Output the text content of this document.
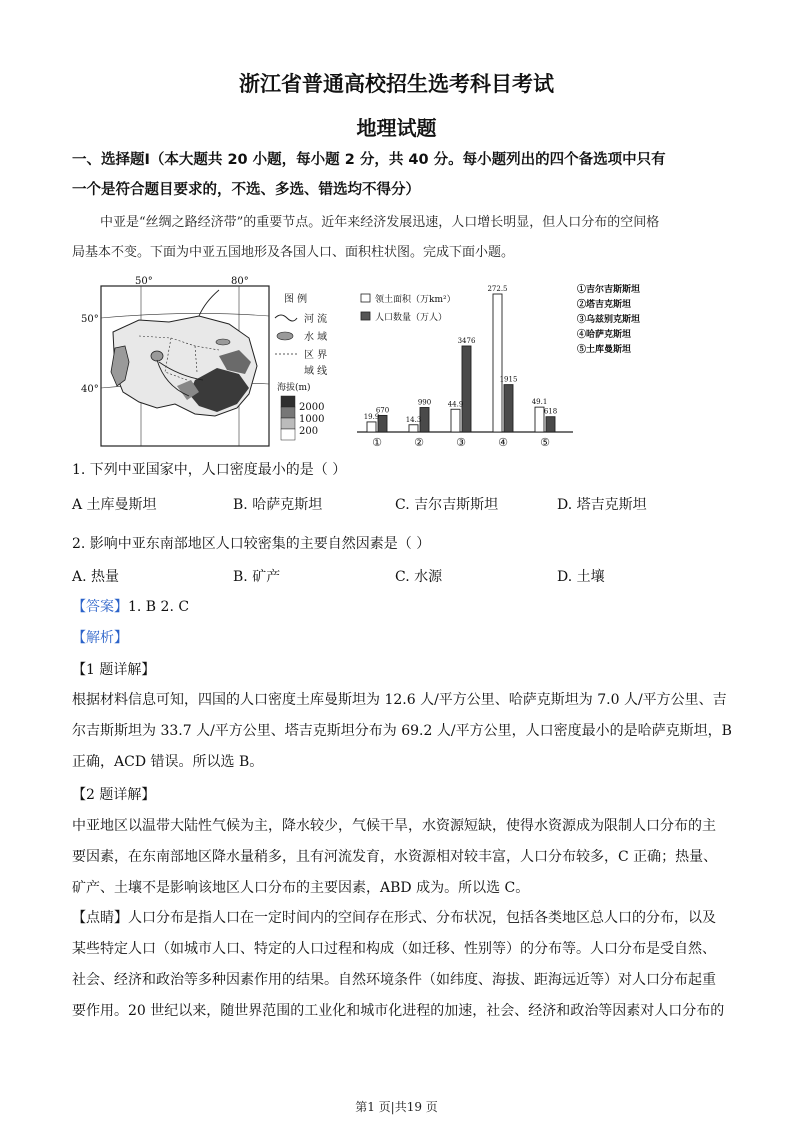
浙江省普通高校招生选考科目考试
地理试题
一、选择题Ⅰ（本大题共 20 小题，每小题 2 分，共 40 分。每小题列出的四个备选项中只有
一个是符合题目要求的，不选、多选、错选均不得分）
中亚是“丝绸之路经济带”的重要节点。近年来经济发展迅速，人口增长明显，但人口分布的空间格
局基本不变。下面为中亚五国地形及各国人口、面积柱状图。完成下面小题。
50°	80°
50°
40°
图 例
河 流
水 域
区 界
域 线
海拔(m)
2000
1000
200
领土面积（万km²）
人口数量（万人）
19.9
670
①
14.3
990
②
44.9
3476
③
272.5
1915
④
49.1
618
⑤
①吉尔吉斯斯坦
②塔吉克斯坦
③乌兹别克斯坦
④哈萨克斯坦
⑤土库曼斯坦
1. 下列中亚国家中，人口密度最小的是（ ）
A 土库曼斯坦	B. 哈萨克斯坦	C. 吉尔吉斯斯坦	D. 塔吉克斯坦
2. 影响中亚东南部地区人口较密集的主要自然因素是（ ）
A. 热量	B. 矿产	C. 水源	D. 土壤
【答案】1. B 2. C
【解析】
【1 题详解】
根据材料信息可知，四国的人口密度土库曼斯坦为 12.6 人/平方公里、哈萨克斯坦为 7.0 人/平方公里、吉
尔吉斯斯坦为 33.7 人/平方公里、塔吉克斯坦分布为 69.2 人/平方公里，人口密度最小的是哈萨克斯坦，B
正确，ACD 错误。所以选 B。
【2 题详解】
中亚地区以温带大陆性气候为主，降水较少，气候干旱，水资源短缺，使得水资源成为限制人口分布的主
要因素，在东南部地区降水量稍多，且有河流发育，水资源相对较丰富，人口分布较多，C 正确；热量、
矿产、土壤不是影响该地区人口分布的主要因素，ABD 成为。所以选 C。
【点睛】人口分布是指人口在一定时间内的空间存在形式、分布状况，包括各类地区总人口的分布，以及
某些特定人口（如城市人口、特定的人口过程和构成（如迁移、性别等）的分布等。人口分布是受自然、
社会、经济和政治等多种因素作用的结果。自然环境条件（如纬度、海拔、距海远近等）对人口分布起重
要作用。20 世纪以来，随世界范围的工业化和城市化进程的加速，社会、经济和政治等因素对人口分布的
第1 页|共19 页
